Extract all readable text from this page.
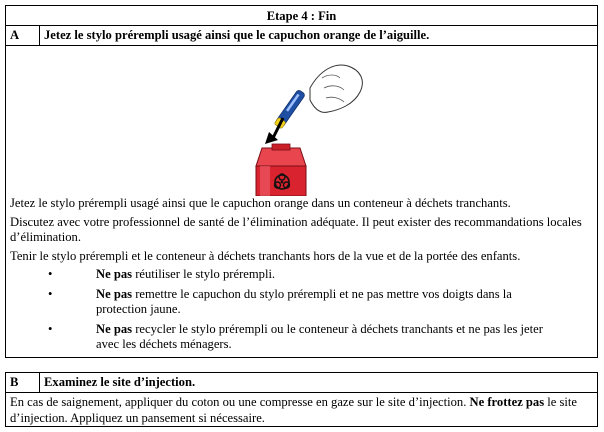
Etape 4 : Fin
A	Jetez le stylo prérempli usagé ainsi que le capuchon orange de l’aiguille.

Jetez le stylo prérempli usagé ainsi que le capuchon orange dans un conteneur à déchets tranchants.

Discutez avec votre professionnel de santé de l’élimination adéquate. Il peut exister des recommandations locales d’élimination.

Tenir le stylo prérempli et le conteneur à déchets tranchants hors de la vue et de la portée des enfants.

•	Ne pas réutiliser le stylo prérempli.
•	Ne pas remettre le capuchon du stylo prérempli et ne pas mettre vos doigts dans la protection jaune.
•	Ne pas recycler le stylo prérempli ou le conteneur à déchets tranchants et ne pas les jeter avec les déchets ménagers.
B	Examinez le site d’injection.
En cas de saignement, appliquer du coton ou une compresse en gaze sur le site d’injection. Ne frottez pas le site d’injection. Appliquez un pansement si nécessaire.
